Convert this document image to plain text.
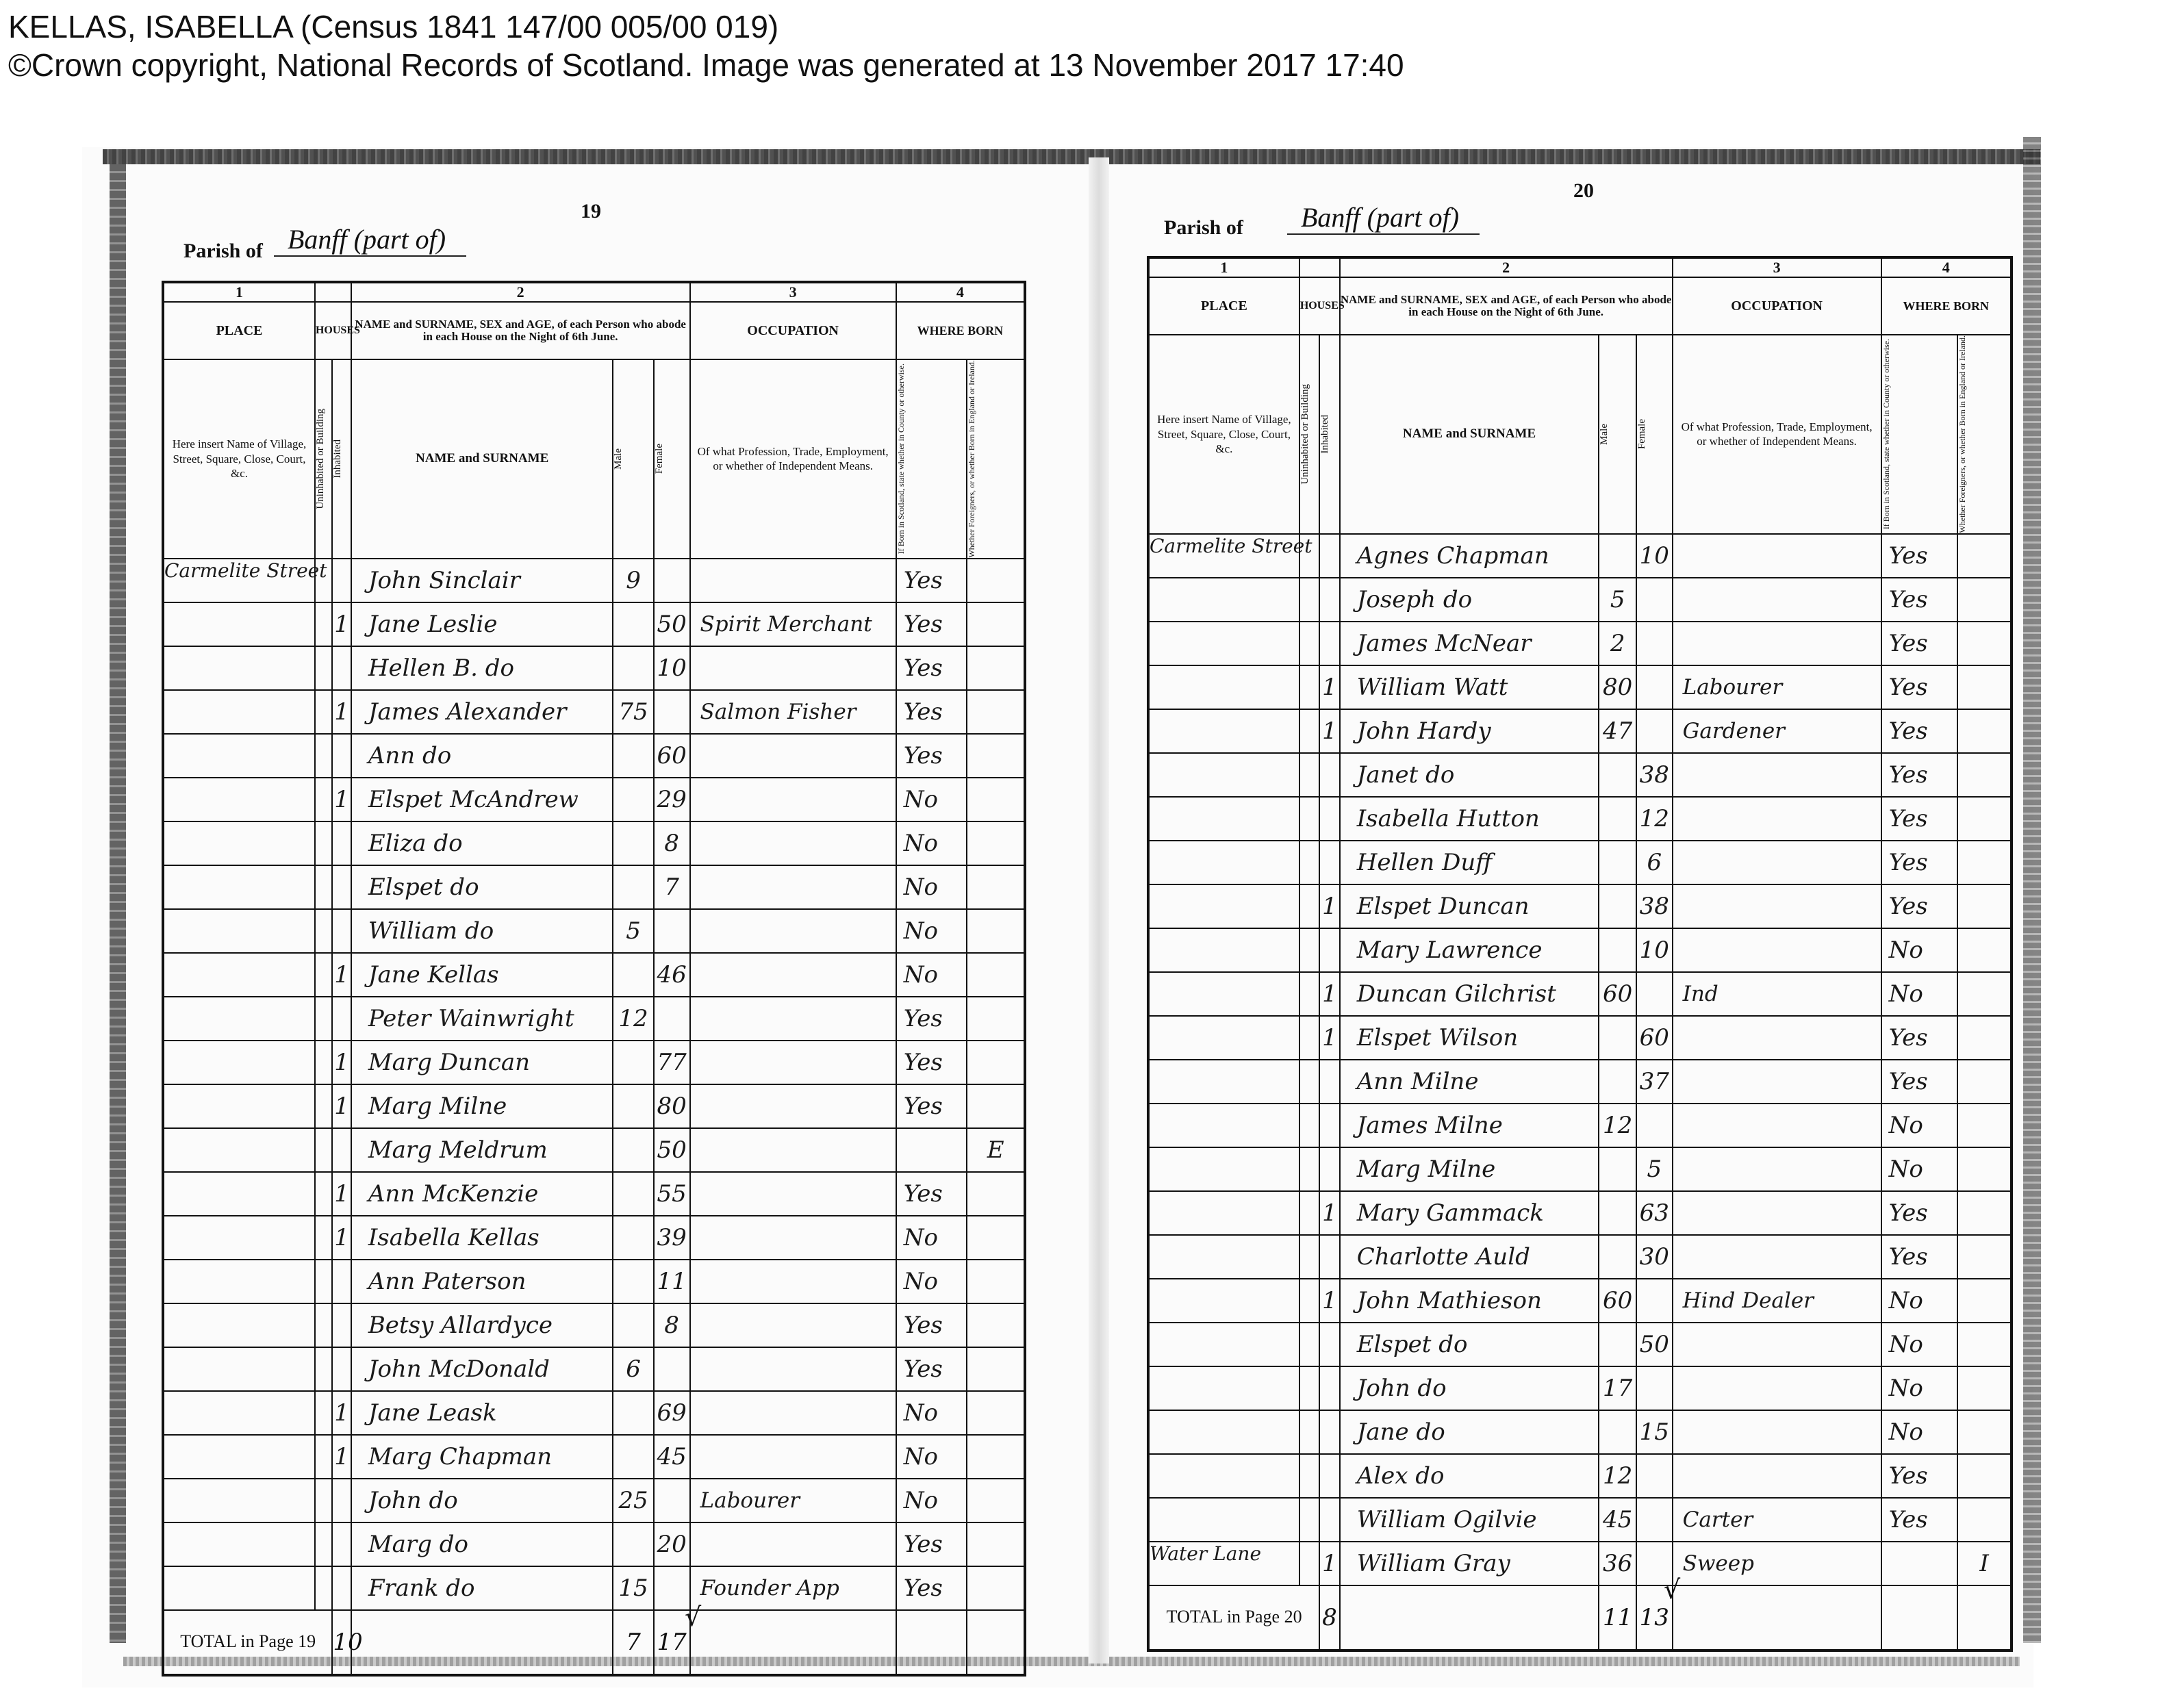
KELLAS, ISABELLA (Census 1841 147/00 005/00 019)
©Crown copyright, National Records of Scotland. Image was generated at 13 November 2017 17:40
19
Parish of Banff (part of)
1			2			3	4	
PLACE	HOUSES		NAME and SURNAME, SEX and AGE, of each Person who abode in each House on the Night of 6th June.			OCCUPATION	WHERE BORN	
Here insert Name of Village, Street, Square, Close, Court, &c.	Uninhabited or Building	Inhabited	NAME and SURNAME	Male	Female	Of what Profession, Trade, Employment, or whether of Independent Means.	If Born in Scotland, state whether in County or otherwise.	Whether Foreigners, or whether Born in England or Ireland.

Carmelite Street			John Sinclair	9			Yes	
		1	Jane Leslie		50	Spirit Merchant	Yes	
			Hellen B. do		10		Yes	
		1	James Alexander	75		Salmon Fisher	Yes	
			Ann do		60		Yes	
		1	Elspet McAndrew		29		No	
			Eliza do		8		No	
			Elspet do		7		No	
			William do	5			No	
		1	Jane Kellas		46		No	
			Peter Wainwright	12			Yes	
		1	Marg Duncan		77		Yes	
		1	Marg Milne		80		Yes	
			Marg Meldrum		50			E
		1	Ann McKenzie		55		Yes	
		1	Isabella Kellas		39		No	
			Ann Paterson		11		No	
			Betsy Allardyce		8		Yes	
			John McDonald	6			Yes	
		1	Jane Leask		69		No	
		1	Marg Chapman		45		No	
			John do	25		Labourer	No	
			Marg do		20		Yes	
			Frank do	15		Founder App	Yes	
TOTAL in Page 19		10		7	17			
20
Parish of	Banff (part of)
1			2			3	4	
PLACE	HOUSES		NAME and SURNAME, SEX and AGE, of each Person who abode in each House on the Night of 6th June.			OCCUPATION	WHERE BORN	
Here insert Name of Village, Street, Square, Close, Court, &c.	Uninhabited or Building	Inhabited	NAME and SURNAME	Male	Female	Of what Profession, Trade, Employment, or whether of Independent Means.	If Born in Scotland, state whether in County or otherwise.	Whether Foreigners, or whether Born in England or Ireland.

Carmelite Street			Agnes Chapman		10		Yes	
			Joseph do	5			Yes	
			James McNear	2			Yes	
		1	William Watt	80		Labourer	Yes	
		1	John Hardy	47		Gardener	Yes	
			Janet do		38		Yes	
			Isabella Hutton		12		Yes	
			Hellen Duff		6		Yes	
		1	Elspet Duncan		38		Yes	
			Mary Lawrence		10		No	
		1	Duncan Gilchrist	60		Ind	No	
		1	Elspet Wilson		60		Yes	
			Ann Milne		37		Yes	
			James Milne	12			No	
			Marg Milne		5		No	
		1	Mary Gammack		63		Yes	
			Charlotte Auld		30		Yes	
		1	John Mathieson	60		Hind Dealer	No	
			Elspet do		50		No	
			John do	17			No	
			Jane do		15		No	
			Alex do	12			Yes	
			William Ogilvie	45		Carter	Yes	
Water Lane		1	William Gray	36		Sweep		I
TOTAL in Page 20		8		11	13			
√
√
